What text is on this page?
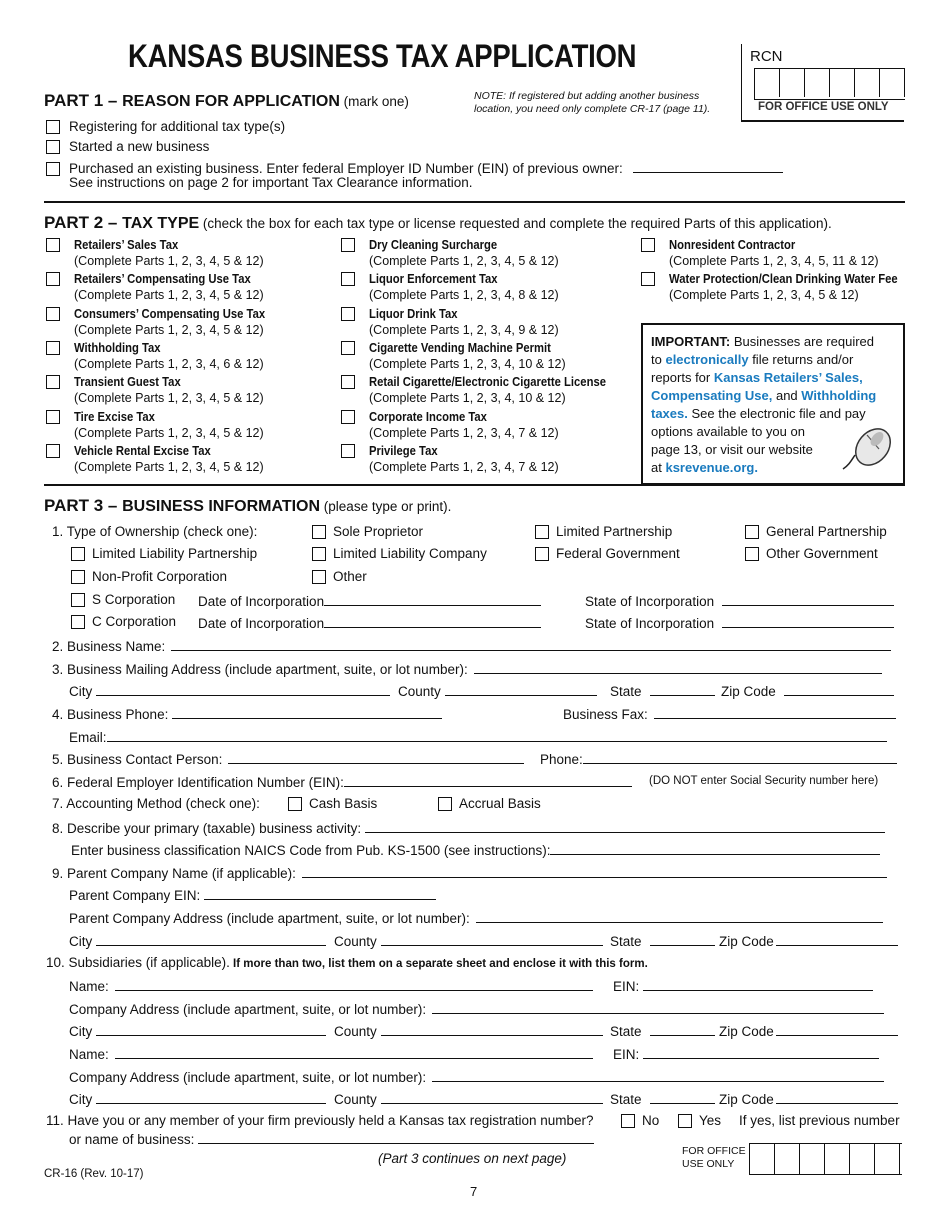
KANSAS BUSINESS TAX APPLICATION	RCN
FOR OFFICE USE ONLY
PART 1 – REASON FOR APPLICATION (mark one)	NOTE: If registered but adding another business
location, you need only complete CR-17 (page 11).
Registering for additional tax type(s)
Started a new business
Purchased an existing business. Enter federal Employer ID Number (EIN) of previous owner:
See instructions on page 2 for important Tax Clearance information.
PART 2 – TAX TYPE (check the box for each tax type or license requested and complete the required Parts of this application).
Retailers’ Sales Tax
(Complete Parts 1, 2, 3, 4, 5 & 12)
Retailers’ Compensating Use Tax
(Complete Parts 1, 2, 3, 4, 5 & 12)
Consumers’ Compensating Use Tax
(Complete Parts 1, 2, 3, 4, 5 & 12)
Withholding Tax
(Complete Parts 1, 2, 3, 4, 6 & 12)
Transient Guest Tax
(Complete Parts 1, 2, 3, 4, 5 & 12)
Tire Excise Tax
(Complete Parts 1, 2, 3, 4, 5 & 12)
Vehicle Rental Excise Tax
(Complete Parts 1, 2, 3, 4, 5 & 12)
Dry Cleaning Surcharge
(Complete Parts 1, 2, 3, 4, 5 & 12)
Liquor Enforcement Tax
(Complete Parts 1, 2, 3, 4, 8 & 12)
Liquor Drink Tax
(Complete Parts 1, 2, 3, 4, 9 & 12)
Cigarette Vending Machine Permit
(Complete Parts 1, 2, 3, 4, 10 & 12)
Retail Cigarette/Electronic Cigarette License
(Complete Parts 1, 2, 3, 4, 10 & 12)
Corporate Income Tax
(Complete Parts 1, 2, 3, 4, 7 & 12)
Privilege Tax
(Complete Parts 1, 2, 3, 4, 7 & 12)
Nonresident Contractor
(Complete Parts 1, 2, 3, 4, 5, 11 & 12)
Water Protection/Clean Drinking Water Fee
(Complete Parts 1, 2, 3, 4, 5 & 12)
IMPORTANT: Businesses are required
to electronically file returns and/or
reports for Kansas Retailers’ Sales,
Compensating Use, and Withholding
taxes. See the electronic file and pay
options available to you on
page 13, or visit our website
at ksrevenue.org.
PART 3 – BUSINESS INFORMATION (please type or print).
1. Type of Ownership (check one):	Sole Proprietor	Limited Partnership	General Partnership
Limited Liability Partnership	Limited Liability Company	Federal Government	Other Government
Non-Profit Corporation	Other
S Corporation Date of Incorporation	State of Incorporation
C Corporation Date of Incorporation	State of Incorporation
2. Business Name:
3. Business Mailing Address (include apartment, suite, or lot number):
City	County	State	Zip Code
4. Business Phone:	Business Fax:
Email:
5. Business Contact Person:	Phone:
6. Federal Employer Identification Number (EIN):	(DO NOT enter Social Security number here)
7. Accounting Method (check one):	Cash Basis	Accrual Basis
8. Describe your primary (taxable) business activity:
Enter business classification NAICS Code from Pub. KS-1500 (see instructions):
9. Parent Company Name (if applicable):
Parent Company EIN:
Parent Company Address (include apartment, suite, or lot number):
City	County	State	Zip Code
10. Subsidiaries (if applicable). If more than two, list them on a separate sheet and enclose it with this form.
Name:	EIN:
Company Address (include apartment, suite, or lot number):
City	County	State	Zip Code
Name:	EIN:
Company Address (include apartment, suite, or lot number):
City	County	State	Zip Code
11. Have you or any member of your firm previously held a Kansas tax registration number?	No	Yes If yes, list previous number
or name of business:
(Part 3 continues on next page)	FOR OFFICE
USE ONLY
CR-16 (Rev. 10-17)
7
